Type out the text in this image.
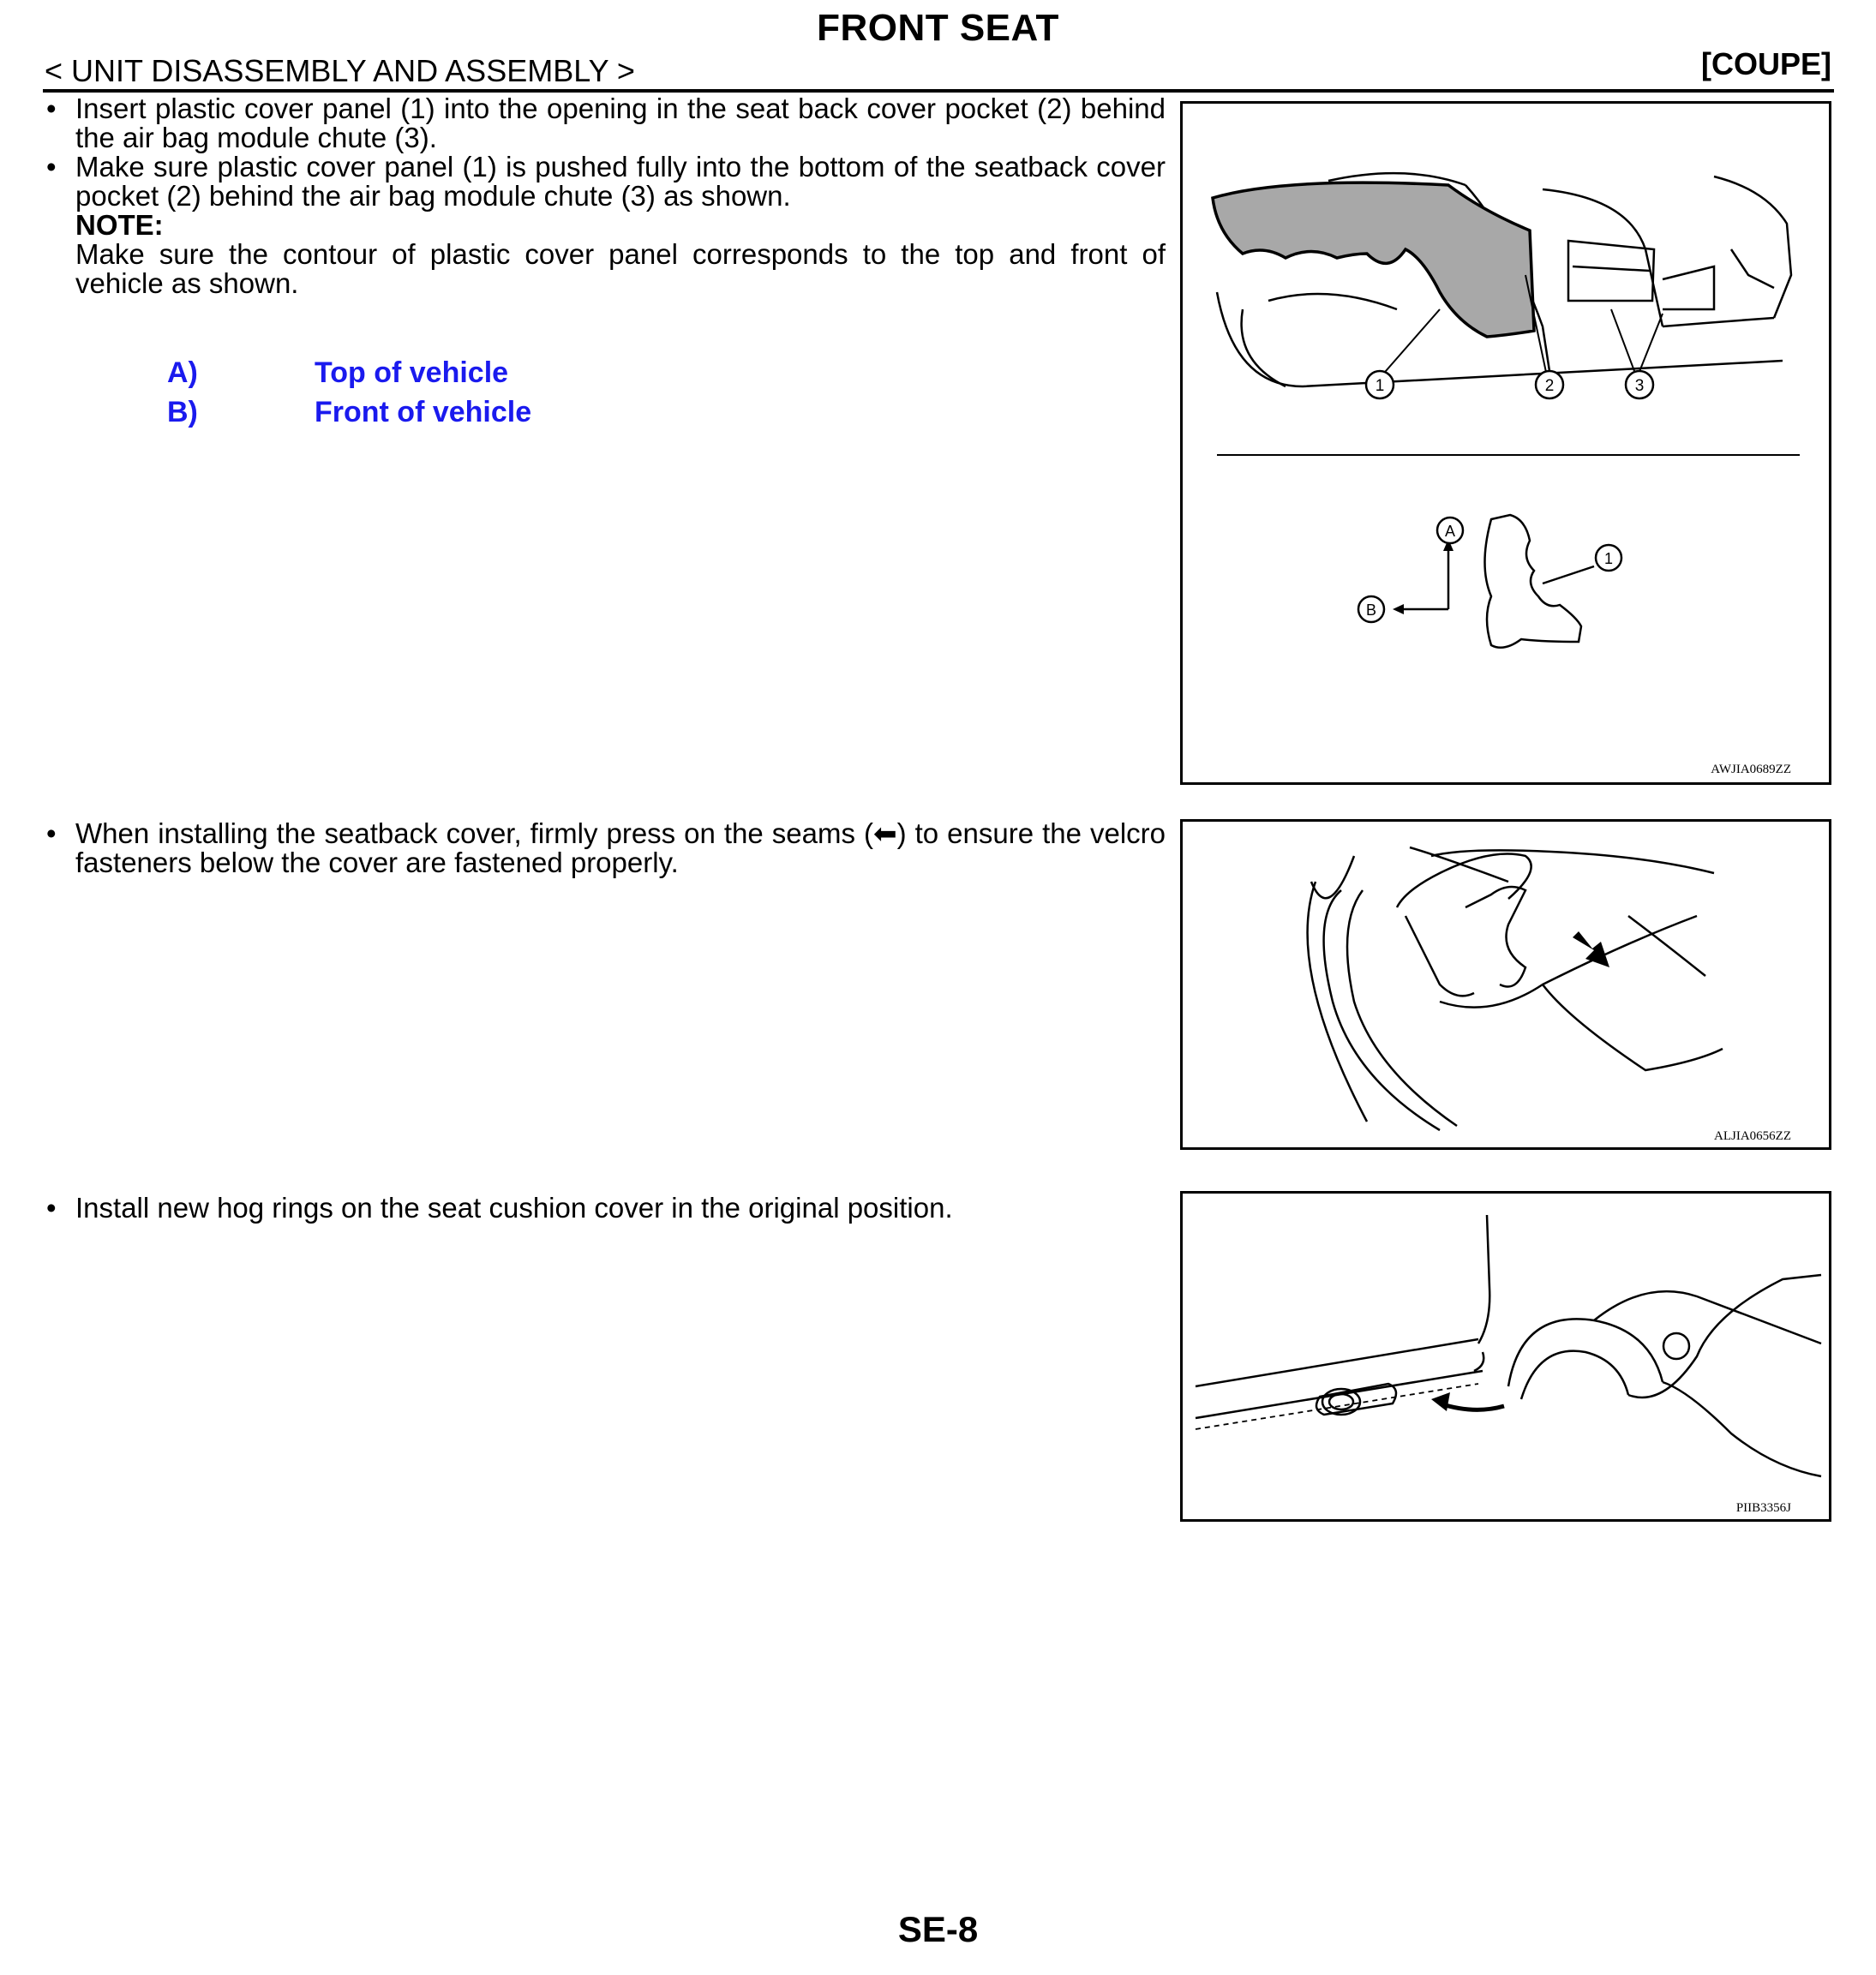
FRONT SEAT
< UNIT DISASSEMBLY AND ASSEMBLY >	[COUPE]
• Insert plastic cover panel (1) into the opening in the seat back cover pocket (2) behind the air bag module chute (3).
• Make sure plastic cover panel (1) is pushed fully into the bottom of the seatback cover pocket (2) behind the air bag module chute (3) as shown.
NOTE:
Make sure the contour of plastic cover panel corresponds to the top and front of vehicle as shown.
A)	Top of vehicle
B)	Front of vehicle
1	2	3
A
B
1
AWJIA0689ZZ
• When installing the seatback cover, firmly press on the seams (⬅) to ensure the velcro fasteners below the cover are fastened properly.
ALJIA0656ZZ
• Install new hog rings on the seat cushion cover in the original position.
PIIB3356J
SE-8
